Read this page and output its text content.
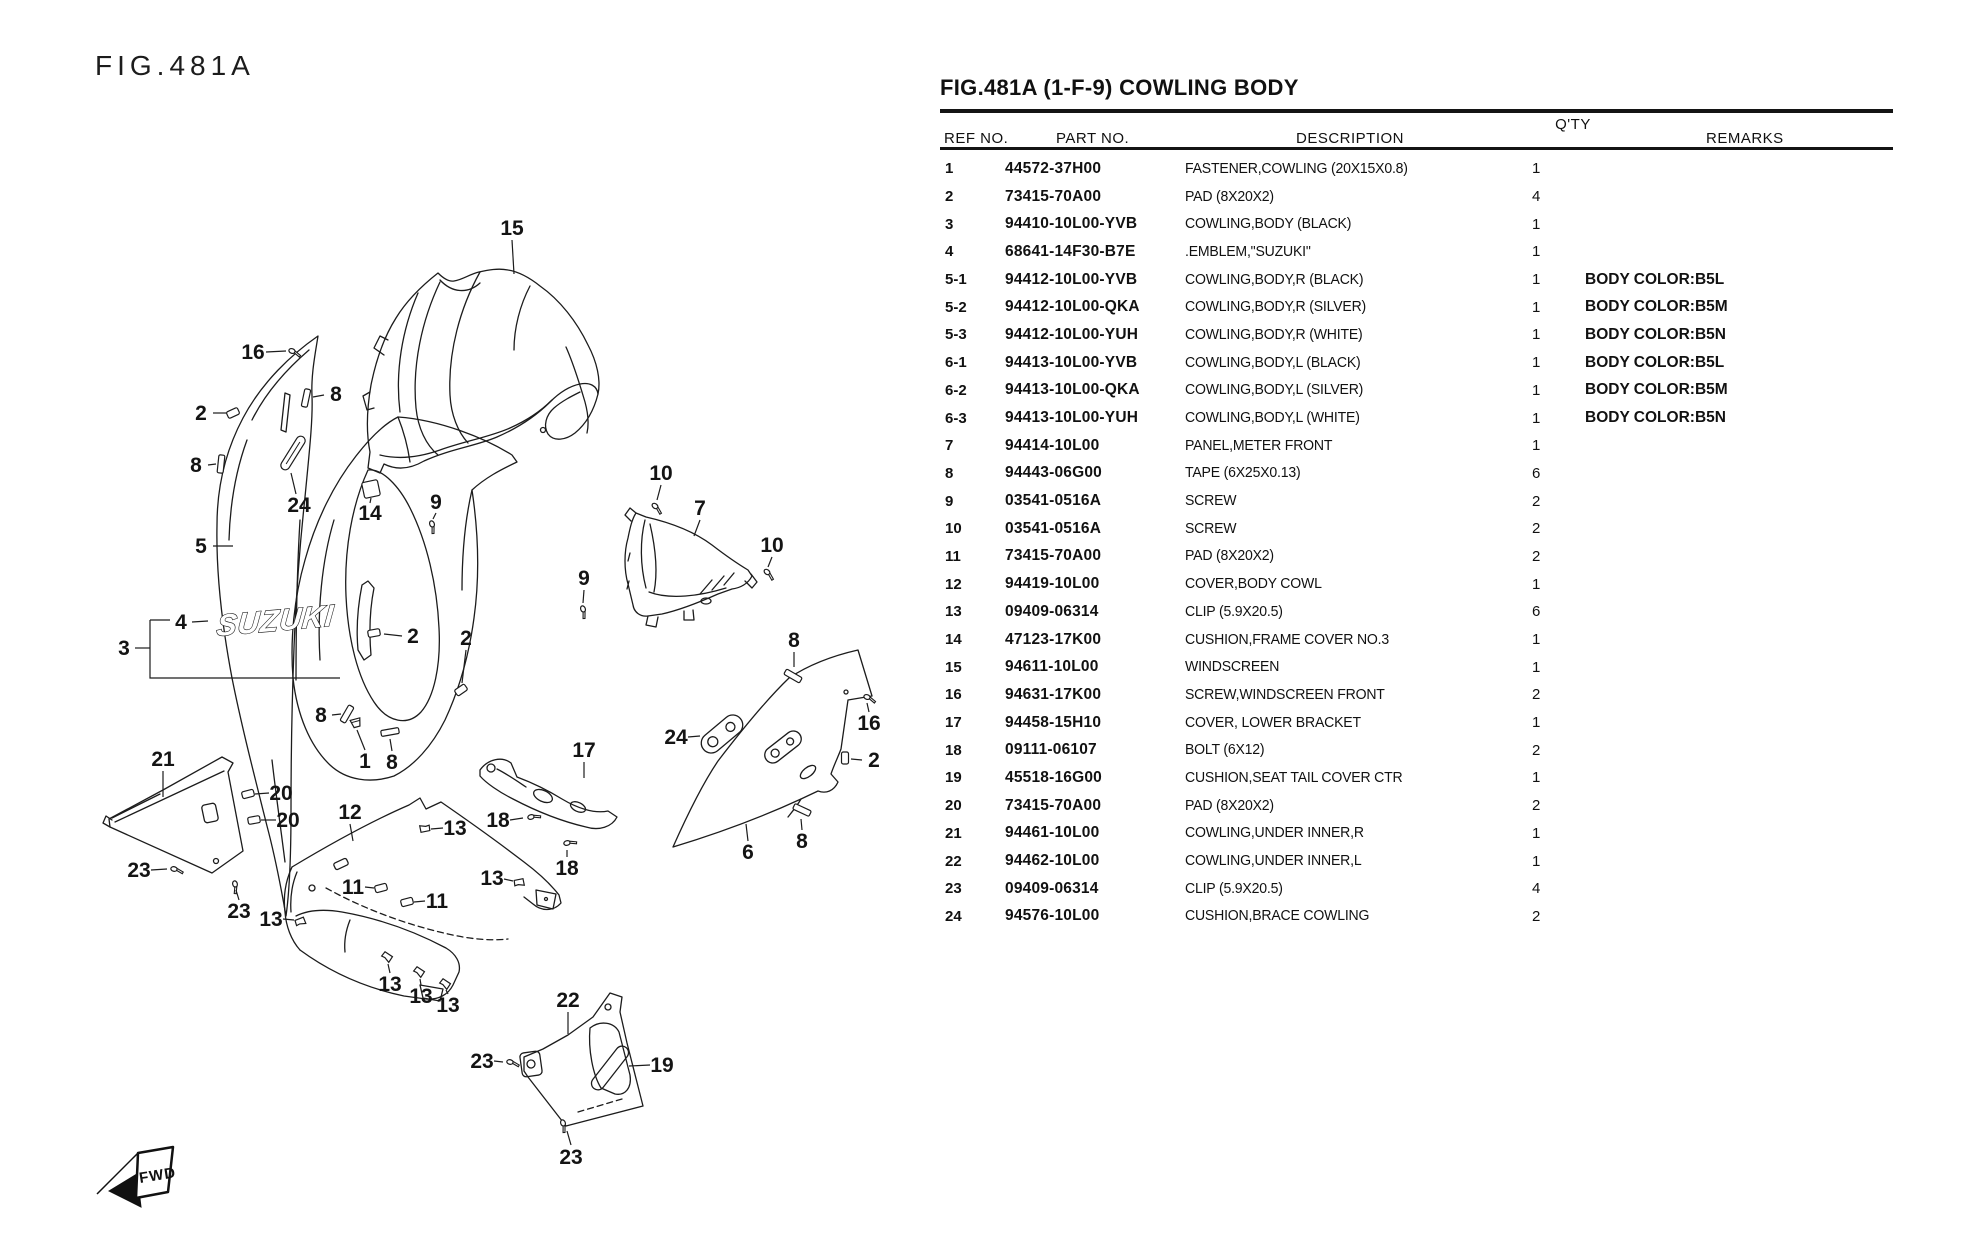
FIG.481A
SUZUKI
15
16
8
2
8
24
5
14 9
4
3
2 2
10
7
10
9
8
1 8
21
20
20
23
23 13
12
13
11
11
13
18
18
17
13
13 13	22
23	19
23
6
8
8
24
16
2
FWD
FIG.481A (1-F-9) COWLING BODY
Q'TY
REF NO.	PART NO.	DESCRIPTION	REMARKS
1	44572-37H00	FASTENER,COWLING (20X15X0.8)	1
2	73415-70A00	PAD (8X20X2)	4
3	94410-10L00-YVB	COWLING,BODY (BLACK)	1
4	68641-14F30-B7E	.EMBLEM,"SUZUKI"	1
5-1	94412-10L00-YVB	COWLING,BODY,R (BLACK)	1	BODY COLOR:B5L
5-2	94412-10L00-QKA	COWLING,BODY,R (SILVER)	1	BODY COLOR:B5M
5-3	94412-10L00-YUH	COWLING,BODY,R (WHITE)	1	BODY COLOR:B5N
6-1	94413-10L00-YVB	COWLING,BODY,L (BLACK)	1	BODY COLOR:B5L
6-2	94413-10L00-QKA	COWLING,BODY,L (SILVER)	1	BODY COLOR:B5M
6-3	94413-10L00-YUH	COWLING,BODY,L (WHITE)	1	BODY COLOR:B5N
7	94414-10L00	PANEL,METER FRONT	1
8	94443-06G00	TAPE (6X25X0.13)	6
9	03541-0516A	SCREW	2
10	03541-0516A	SCREW	2
11	73415-70A00	PAD (8X20X2)	2
12	94419-10L00	COVER,BODY COWL	1
13	09409-06314	CLIP (5.9X20.5)	6
14	47123-17K00	CUSHION,FRAME COVER NO.3	1
15	94611-10L00	WINDSCREEN	1
16	94631-17K00	SCREW,WINDSCREEN FRONT	2
17	94458-15H10	COVER, LOWER BRACKET	1
18	09111-06107	BOLT (6X12)	2
19	45518-16G00	CUSHION,SEAT TAIL COVER CTR	1
20	73415-70A00	PAD (8X20X2)	2
21	94461-10L00	COWLING,UNDER INNER,R	1
22	94462-10L00	COWLING,UNDER INNER,L	1
23	09409-06314	CLIP (5.9X20.5)	4
24	94576-10L00	CUSHION,BRACE COWLING	2
